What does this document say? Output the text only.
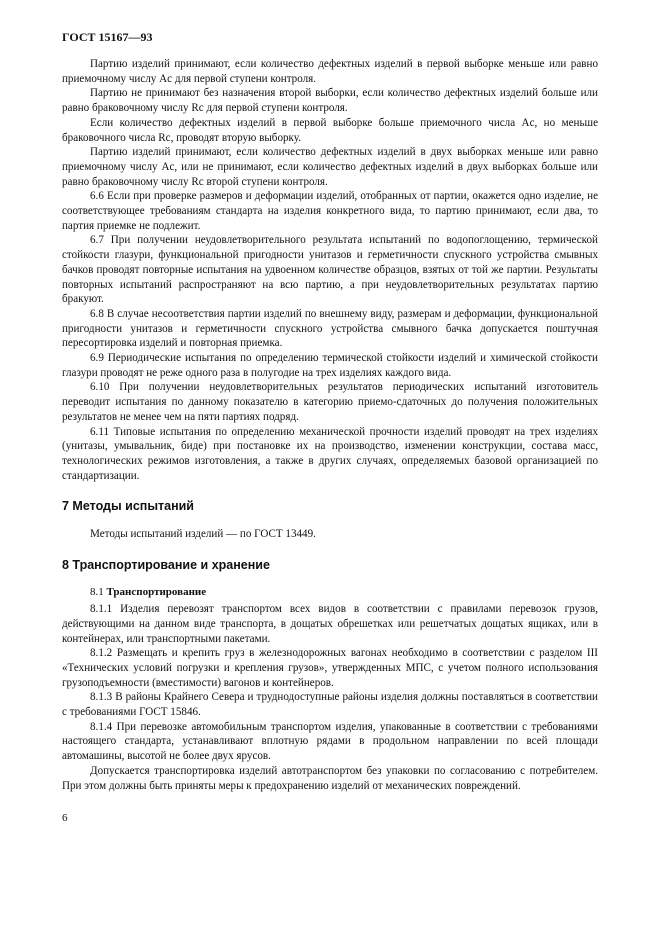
ГОСТ 15167—93

Партию изделий принимают, если количество дефектных изделий в первой выборке меньше или равно приемочному числу Ac для первой ступени контроля.

Партию не принимают без назначения второй выборки, если количество дефектных изделий больше или равно браковочному числу Rc для первой ступени контроля.

Если количество дефектных изделий в первой выборке больше приемочного числа Ac, но меньше браковочного числа Rc, проводят вторую выборку.

Партию изделий принимают, если количество дефектных изделий в двух выборках меньше или равно приемочному числу Ac, или не принимают, если количество дефектных изделий в двух выборках больше или равно браковочному числу Rc второй ступени контроля.

6.6 Если при проверке размеров и деформации изделий, отобранных от партии, окажется одно изделие, не соответствующее требованиям стандарта на изделия конкретного вида, то партию принимают, если два, то партия приемке не подлежит.

6.7 При получении неудовлетворительного результата испытаний по водопоглощению, термической стойкости глазури, функциональной пригодности унитазов и герметичности спускного устройства смывных бачков проводят повторные испытания на удвоенном количестве образцов, взятых от той же партии. Результаты повторных испытаний распространяют на всю партию, а при неудовлетворительных результатах партию бракуют.

6.8 В случае несоответствия партии изделий по внешнему виду, размерам и деформации, функциональной пригодности унитазов и герметичности спускного устройства смывного бачка допускается поштучная пересортировка изделий и повторная приемка.

6.9 Периодические испытания по определению термической стойкости изделий и химической стойкости глазури проводят не реже одного раза в полугодие на трех изделиях каждого вида.

6.10 При получении неудовлетворительных результатов периодических испытаний изготовитель переводит испытания по данному показателю в категорию приемо-сдаточных до получения положительных результатов не менее чем на пяти партиях подряд.

6.11 Типовые испытания по определению механической прочности изделий проводят на трех изделиях (унитазы, умывальник, биде) при постановке их на производство, изменении конструкции, состава масс, технологических режимов изготовления, а также в других случаях, определяемых базовой организацией по стандартизации.

7 Методы испытаний

Методы испытаний изделий — по ГОСТ 13449.

8 Транспортирование и хранение
8.1 Транспортирование

8.1.1 Изделия перевозят транспортом всех видов в соответствии с правилами перевозок грузов, действующими на данном виде транспорта, в дощатых обрешетках или решетчатых дощатых ящиках, или в контейнерах, или транспортными пакетами.

8.1.2 Размещать и крепить груз в железнодорожных вагонах необходимо в соответствии с разделом III «Технических условий погрузки и крепления грузов», утвержденных МПС, с учетом полного использования грузоподъемности (вместимости) вагонов и контейнеров.

8.1.3 В районы Крайнего Севера и труднодоступные районы изделия должны поставляться в соответствии с требованиями ГОСТ 15846.

8.1.4 При перевозке автомобильным транспортом изделия, упакованные в соответствии с требованиями настоящего стандарта, устанавливают вплотную рядами в продольном направлении по всей площади автомашины, высотой не более двух ярусов.

Допускается транспортировка изделий автотранспортом без упаковки по согласованию с потребителем. При этом должны быть приняты меры к предохранению изделий от механических повреждений.

6
